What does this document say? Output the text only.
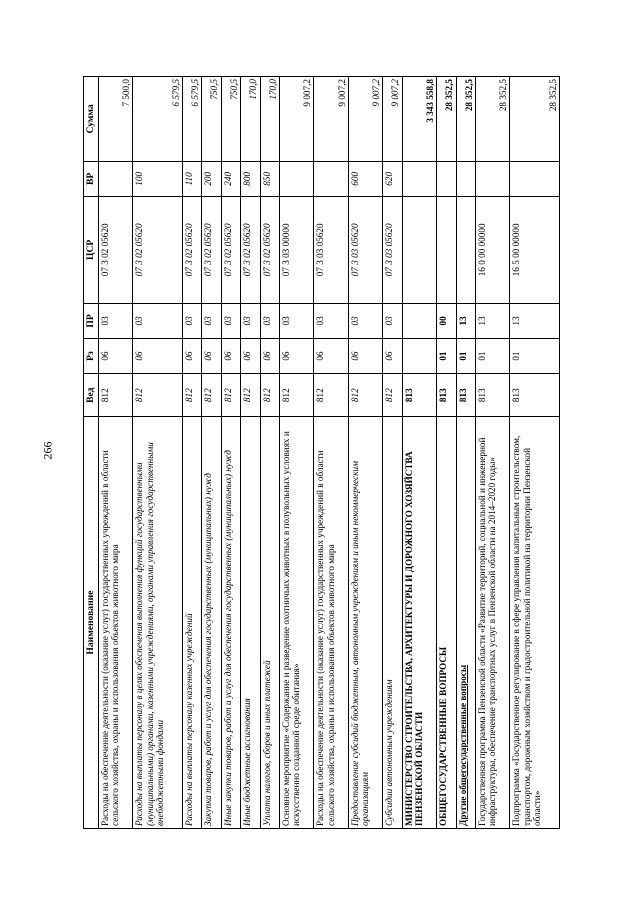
266
Наименование	Вед	Рз	ПР	ЦСР	ВР	Сумма
Расходы на обеспечение деятельности (оказание услуг) государственных учреждений в области сельского хозяйства, охраны и использования объектов животного мира	812	06	03	07 3 02 05620		7 500,0
Расходы на выплаты персоналу в целях обеспечения выполнения функций государственными (муниципальными) органами, казенными учреждениями, органами управления государственными внебюджетными фондами	812	06	03	07 3 02 05620	100	6 579,5
Расходы на выплаты персоналу казенных учреждений	812	06	03	07 3 02 05620	110	6 579,5
Закупка товаров, работ и услуг для обеспечения государственных (муниципальных) нужд	812	06	03	07 3 02 05620	200	750,5
Иные закупки товаров, работ и услуг для обеспечения государственных (муниципальных) нужд	812	06	03	07 3 02 05620	240	750,5
Иные бюджетные ассигнования	812	06	03	07 3 02 05620	800	170,0
Уплата налогов, сборов и иных платежей	812	06	03	07 3 02 05620	850	170,0
Основное мероприятие «Содержание и разведение охотничьих животных в полувольных условиях и искусственно созданной среде обитания»	812	06	03	07 3 03 00000		9 007,2
Расходы на обеспечение деятельности (оказание услуг) государственных учреждений в области сельского хозяйства, охраны и использования объектов животного мира	812	06	03	07 3 03 05620		9 007,2
Предоставление субсидий бюджетным, автономным учреждениям и иным некоммерческим организациям	812	06	03	07 3 03 05620	600	9 007,2
Субсидии автономным учреждениям	812	06	03	07 3 03 05620	620	9 007,2
МИНИСТЕРСТВО СТРОИТЕЛЬСТВА, АРХИТЕКТУРЫ И ДОРОЖНОГО ХОЗЯЙСТВА ПЕНЗЕНСКОЙ ОБЛАСТИ	813					3 343 558,8
ОБЩЕГОСУДАРСТВЕННЫЕ ВОПРОСЫ	813	01	00			28 352,5
Другие общегосударственные вопросы	813	01	13			28 352,5
Государственная программа Пензенской области «Развитие территорий, социальной и инженерной инфраструктуры, обеспечение транспортных услуг в Пензенской области на 2014–2020 годы»	813	01	13	16 0 00 00000		28 352,5
Подпрограмма «Государственное регулирование в сфере управления капитальным строительством, транспортом, дорожным хозяйством и градостроительной политикой на территории Пензенской области»	813	01	13	16 5 00 00000		28 352,5
